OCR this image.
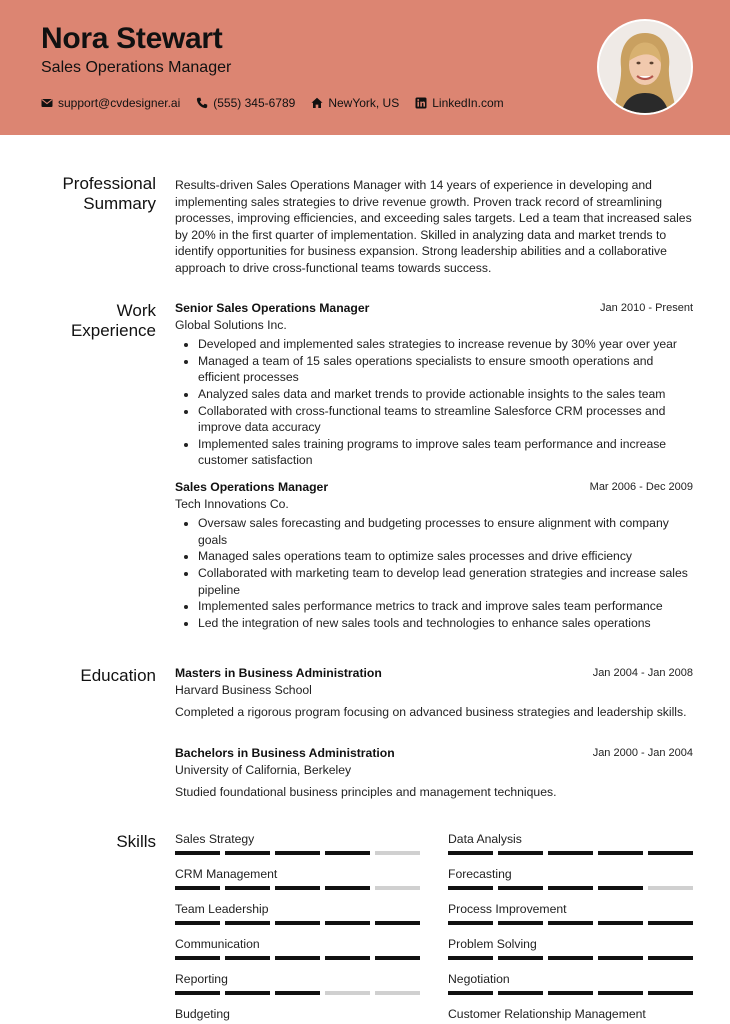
Nora Stewart
Sales Operations Manager
support@cvdesigner.ai	(555) 345-6789	NewYork, US	LinkedIn.com
Professional
Summary
Results-driven Sales Operations Manager with 14 years of experience in developing and implementing sales strategies to drive revenue growth. Proven track record of streamlining processes, improving efficiencies, and exceeding sales targets. Led a team that increased sales by 20% in the first quarter of implementation. Skilled in analyzing data and market trends to identify opportunities for business expansion. Strong leadership abilities and a collaborative approach to drive cross-functional teams towards success.
Work
Experience
Senior Sales Operations Manager	Jan 2010 - Present
Global Solutions Inc.
• Developed and implemented sales strategies to increase revenue by 30% year over year
• Managed a team of 15 sales operations specialists to ensure smooth operations and efficient processes
• Analyzed sales data and market trends to provide actionable insights to the sales team
• Collaborated with cross-functional teams to streamline Salesforce CRM processes and improve data accuracy
• Implemented sales training programs to improve sales team performance and increase customer satisfaction
Sales Operations Manager	Mar 2006 - Dec 2009
Tech Innovations Co.
• Oversaw sales forecasting and budgeting processes to ensure alignment with company goals
• Managed sales operations team to optimize sales processes and drive efficiency
• Collaborated with marketing team to develop lead generation strategies and increase sales pipeline
• Implemented sales performance metrics to track and improve sales team performance
• Led the integration of new sales tools and technologies to enhance sales operations
Education Masters in Business Administration	Jan 2004 - Jan 2008
Harvard Business School
Completed a rigorous program focusing on advanced business strategies and leadership skills.
Bachelors in Business Administration	Jan 2000 - Jan 2004
University of California, Berkeley
Studied foundational business principles and management techniques.
Skills Sales Strategy	Data Analysis
CRM Management	Forecasting
Team Leadership	Process Improvement
Communication	Problem Solving
Reporting	Negotiation
Budgeting	Customer Relationship Management
